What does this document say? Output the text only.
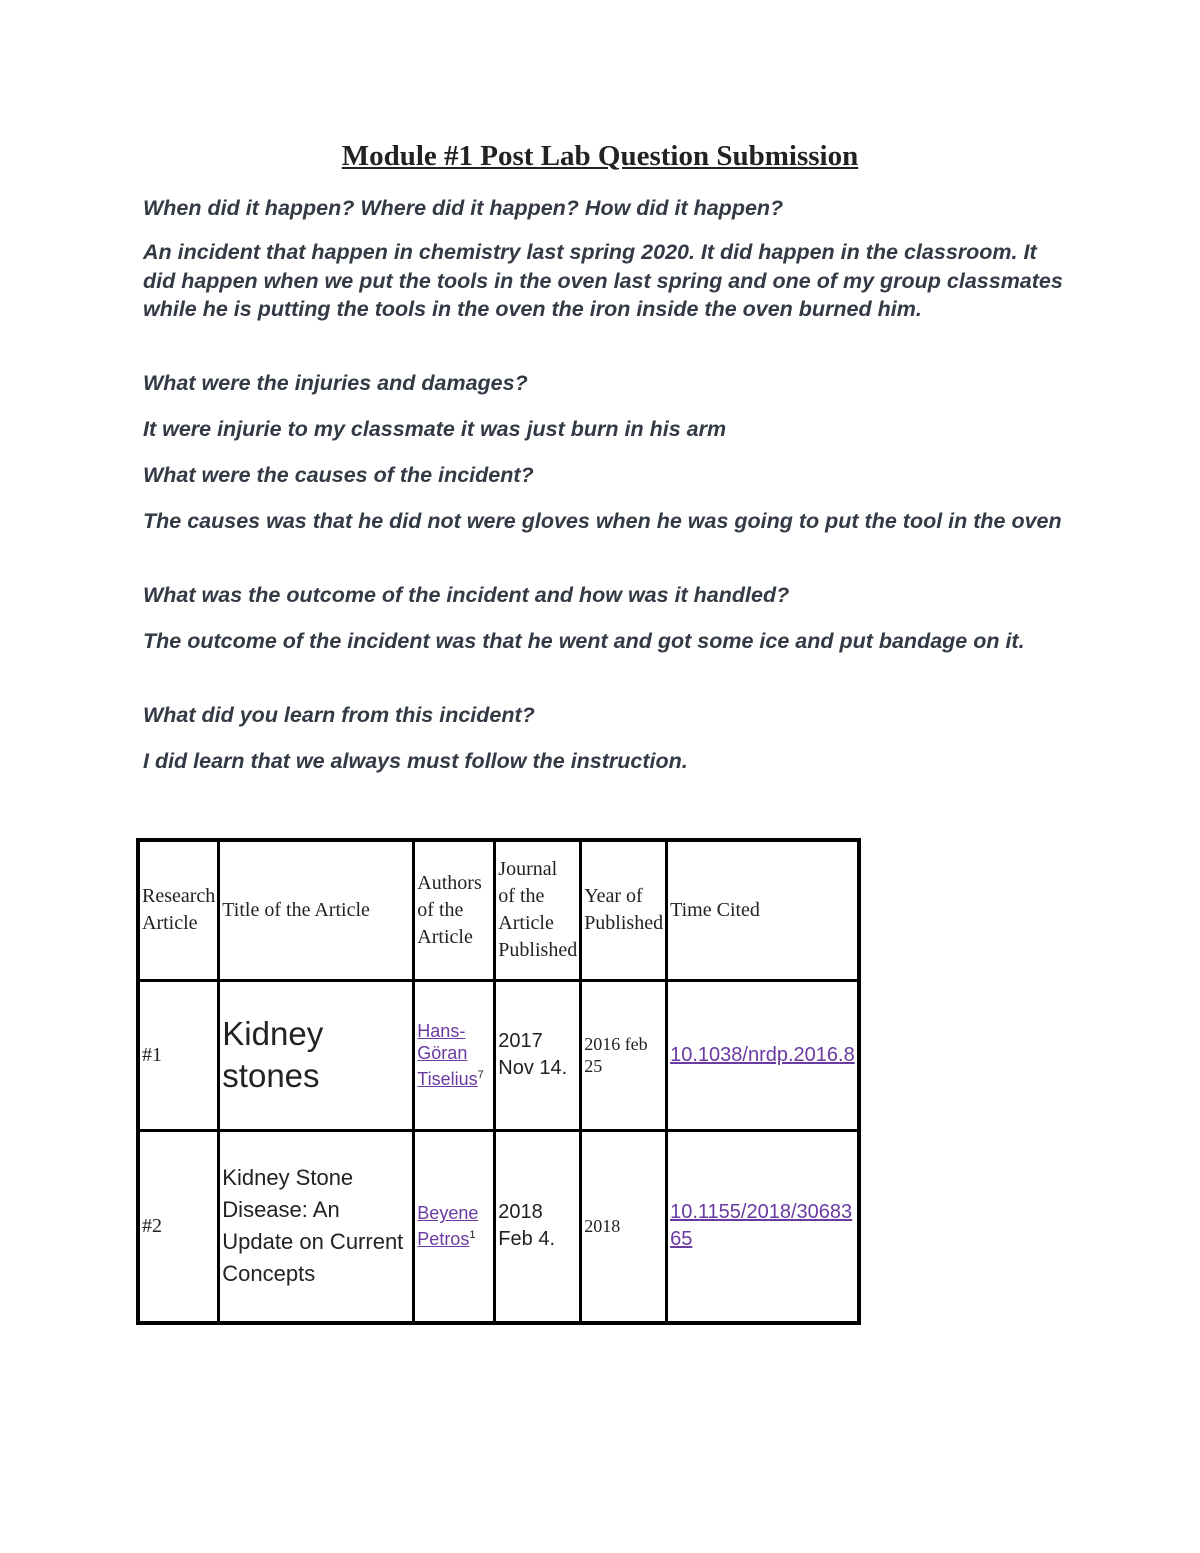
Module #1 Post Lab Question Submission
When did it happen? Where did it happen? How did it happen?
An incident that happen in chemistry last spring 2020. It did happen in the classroom. It did happen when we put the tools in the oven last spring and one of my group classmates while he is putting the tools in the oven the iron inside the oven burned him.
What were the injuries and damages?
It were injurie to my classmate it was just burn in his arm
What were the causes of the incident?
The causes was that he did not were gloves when he was going to put the tool in the oven
What was the outcome of the incident and how was it handled?
The outcome of the incident was that he went and got some ice and put bandage on it.
What did you learn from this incident?
I did learn that we always must follow the instruction.
Research Article	Title of the Article	Authors of the Article	Journal of the Article Published	Year of Published	Time Cited
#1	Kidney stones	Hans-Göran Tiselius$^7$	2017 Nov 14.	2016 feb 25	10.1038/nrdp.2016.8
#2	Kidney Stone Disease: An Update on Current Concepts	Beyene Petros$^1$	2018 Feb 4.	2018	10.1155/2018/3068365
